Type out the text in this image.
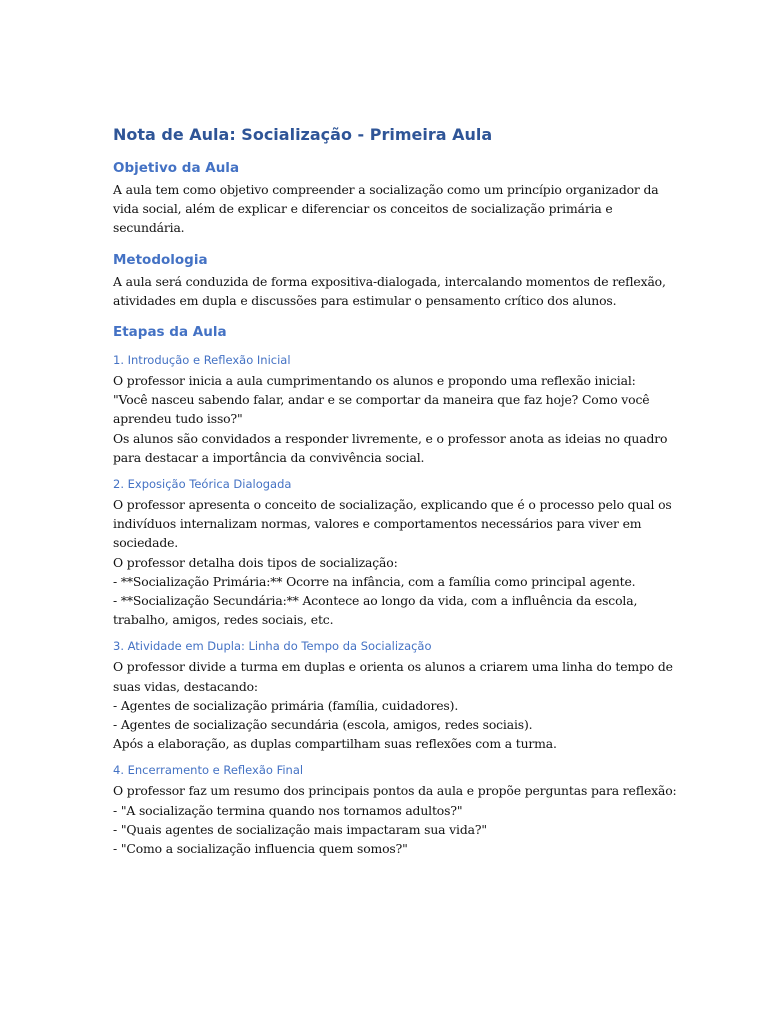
Nota de Aula: Socialização - Primeira Aula
Objetivo da Aula

A aula tem como objetivo compreender a socialização como um princípio organizador da
vida social, além de explicar e diferenciar os conceitos de socialização primária e
secundária.

Metodologia

A aula será conduzida de forma expositiva-dialogada, intercalando momentos de reflexão,
atividades em dupla e discussões para estimular o pensamento crítico dos alunos.

Etapas da Aula
1. Introdução e Reflexão Inicial

O professor inicia a aula cumprimentando os alunos e propondo uma reflexão inicial:
"Você nasceu sabendo falar, andar e se comportar da maneira que faz hoje? Como você
aprendeu tudo isso?"
Os alunos são convidados a responder livremente, e o professor anota as ideias no quadro
para destacar a importância da convivência social.

2. Exposição Teórica Dialogada

O professor apresenta o conceito de socialização, explicando que é o processo pelo qual os
indivíduos internalizam normas, valores e comportamentos necessários para viver em
sociedade.
O professor detalha dois tipos de socialização:
- **Socialização Primária:** Ocorre na infância, com a família como principal agente.
- **Socialização Secundária:** Acontece ao longo da vida, com a influência da escola,
trabalho, amigos, redes sociais, etc.

3. Atividade em Dupla: Linha do Tempo da Socialização

O professor divide a turma em duplas e orienta os alunos a criarem uma linha do tempo de
suas vidas, destacando:
- Agentes de socialização primária (família, cuidadores).
- Agentes de socialização secundária (escola, amigos, redes sociais).
Após a elaboração, as duplas compartilham suas reflexões com a turma.

4. Encerramento e Reflexão Final

O professor faz um resumo dos principais pontos da aula e propõe perguntas para reflexão:
- "A socialização termina quando nos tornamos adultos?"
- "Quais agentes de socialização mais impactaram sua vida?"
- "Como a socialização influencia quem somos?"
